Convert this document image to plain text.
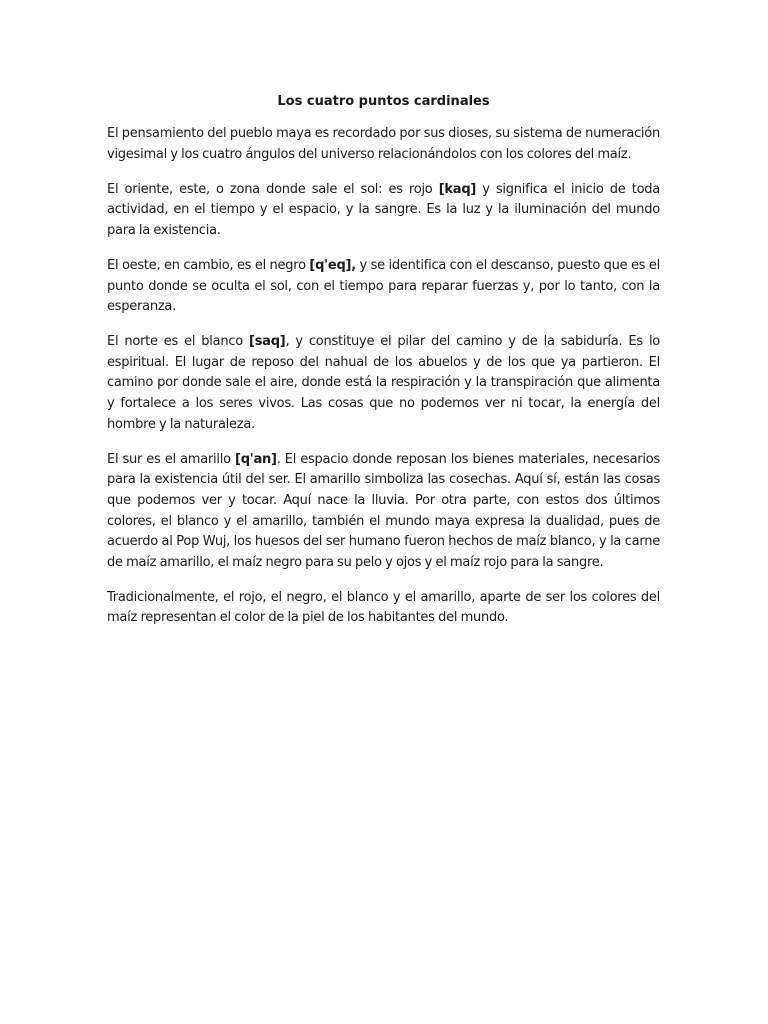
Los cuatro puntos cardinales

El pensamiento del pueblo maya es recordado por sus dioses, su sistema de numeración vigesimal y los cuatro ángulos del universo relacionándolos con los colores del maíz.

El oriente, este, o zona donde sale el sol: es rojo [kaq] y significa el inicio de toda actividad, en el tiempo y el espacio, y la sangre. Es la luz y la iluminación del mundo para la existencia.

El oeste, en cambio, es el negro [q'eq], y se identifica con el descanso, puesto que es el punto donde se oculta el sol, con el tiempo para reparar fuerzas y, por lo tanto, con la esperanza.

El norte es el blanco [saq], y constituye el pilar del camino y de la sabiduría. Es lo espiritual. El lugar de reposo del nahual de los abuelos y de los que ya partieron. El camino por donde sale el aire, donde está la respiración y la transpiración que alimenta y fortalece a los seres vivos. Las cosas que no podemos ver ni tocar, la energía del hombre y la naturaleza.

El sur es el amarillo [q'an]. El espacio donde reposan los bienes materiales, necesarios para la existencia útil del ser. El amarillo simboliza las cosechas. Aquí sí, están las cosas que podemos ver y tocar. Aquí nace la lluvia. Por otra parte, con estos dos últimos colores, el blanco y el amarillo, también el mundo maya expresa la dualidad, pues de acuerdo al Pop Wuj, los huesos del ser humano fueron hechos de maíz blanco, y la carne de maíz amarillo, el maíz negro para su pelo y ojos y el maíz rojo para la sangre.

Tradicionalmente, el rojo, el negro, el blanco y el amarillo, aparte de ser los colores del maíz representan el color de la piel de los habitantes del mundo.
